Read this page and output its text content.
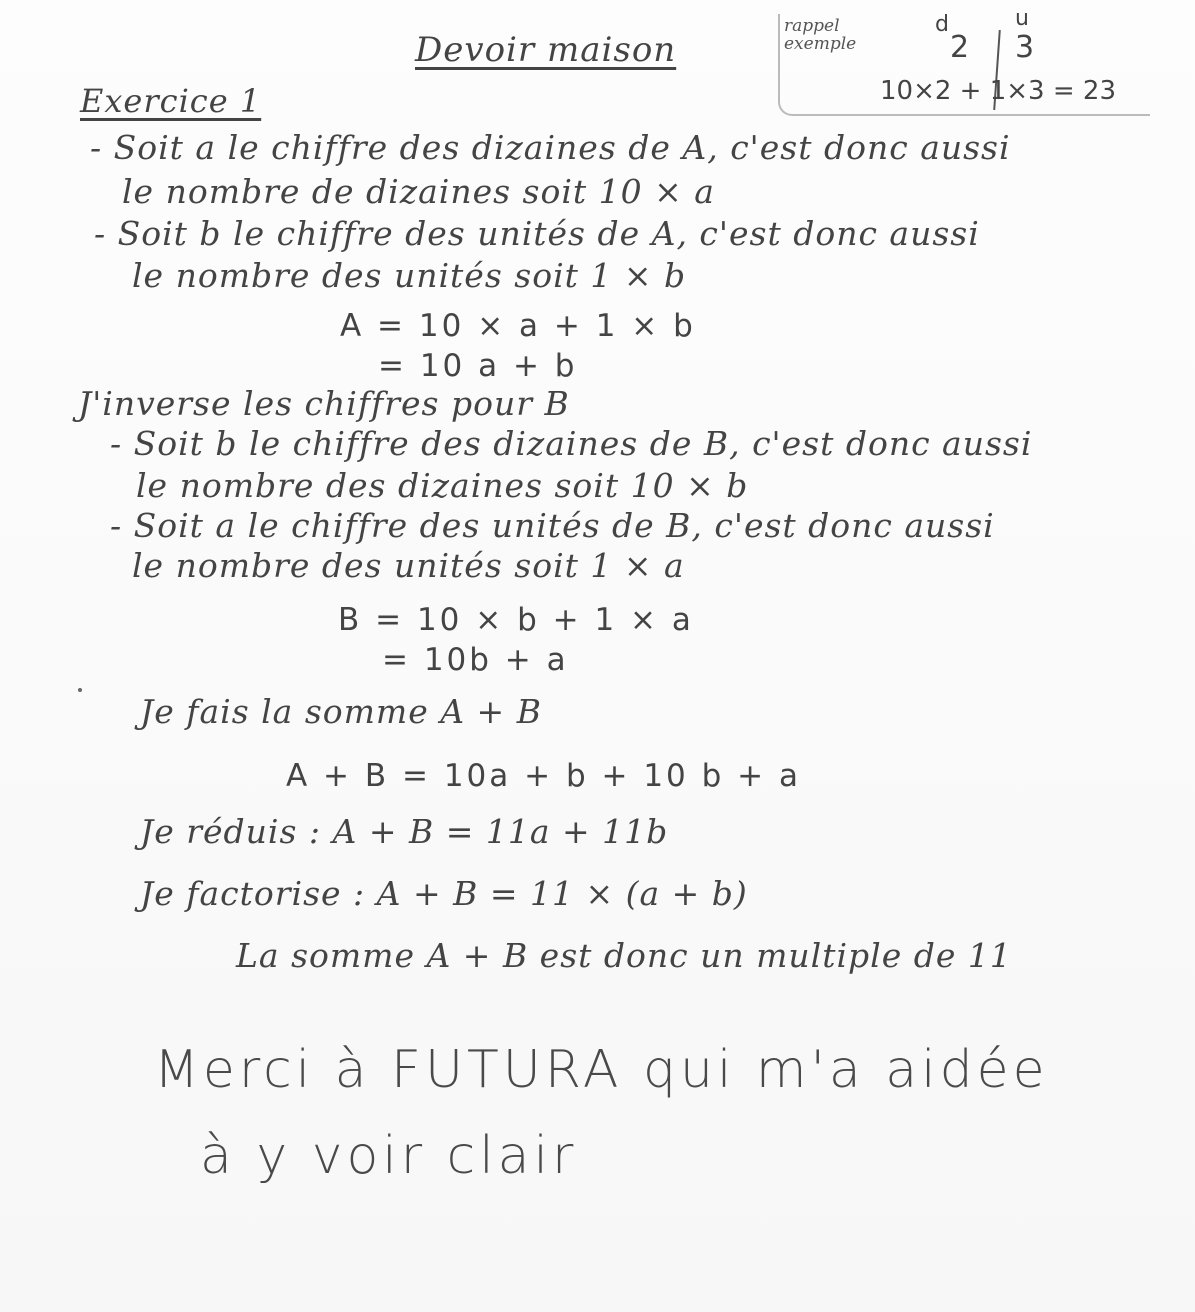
Devoir maison
rappel
exemple
d	u
2 3
10×2 + 1×3 = 23
Exercice 1
- Soit a le chiffre des dizaines de A, c'est donc aussi
le nombre de dizaines soit 10 × a
- Soit b le chiffre des unités de A, c'est donc aussi
le nombre des unités soit 1 × b
A = 10 × a + 1 × b
= 10 a + b
J'inverse les chiffres pour B
- Soit b le chiffre des dizaines de B, c'est donc aussi
le nombre des dizaines soit 10 × b
- Soit a le chiffre des unités de B, c'est donc aussi
le nombre des unités soit 1 × a
B = 10 × b + 1 × a
= 10b + a
Je fais la somme A + B
A + B = 10a + b + 10 b + a
Je réduis : A + B = 11a + 11b
Je factorise : A + B = 11 × (a + b)
La somme A + B est donc un multiple de 11
Merci à FUTURA qui m'a aidée
à y voir clair
